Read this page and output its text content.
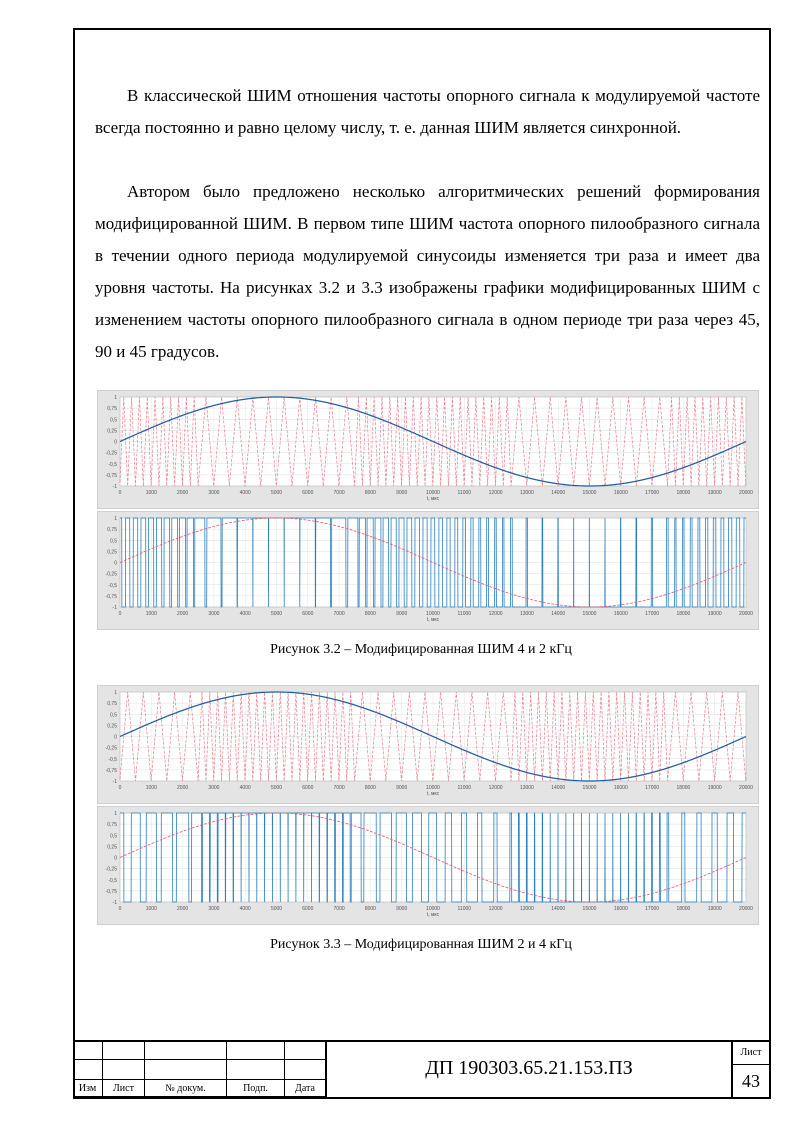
В классической ШИМ отношения частоты опорного сигнала к модулируемой частоте всегда постоянно и равно целому числу, т. е. данная ШИМ является синхронной.
Автором было предложено несколько алгоритмических решений формирования модифицированной ШИМ. В первом типе ШИМ частота опорного пилообразного сигнала в течении одного периода модулируемой синусоиды изменяется три раза и имеет два уровня частоты. На рисунках 3.2 и 3.3 изображены графики модифицированных ШИМ с изменением частоты опорного пилообразного сигнала в одном периоде три раза через 45, 90 и 45 градусов.
1
0,75
0,5
0,25
0
-0,25
-0,5
-0,75
-1
0	1000	2000	3000	4000	5000	6000	7000	8000	9000	10000	11000	12000	13000	14000	15000	16000	17000	18000	19000	20000
t, мкс
1
0,75
0,5
0,25
0
-0,25
-0,5
-0,75
-1
0	1000	2000	3000	4000	5000	6000	7000	8000	9000	10000	11000	12000	13000	14000	15000	16000	17000	18000	19000	20000
t, мкс
Рисунок 3.2 – Модифицированная ШИМ 4 и 2 кГц
1
0,75
0,5
0,25
0
-0,25
-0,5
-0,75
-1
0	1000	2000	3000	4000	5000	6000	7000	8000	9000	10000	11000	12000	13000	14000	15000	16000	17000	18000	19000	20000
t, мкс
1
0,75
0,5
0,25
0
-0,25
-0,5
-0,75
-1
0	1000	2000	3000	4000	5000	6000	7000	8000	9000	10000	11000	12000	13000	14000	15000	16000	17000	18000	19000	20000
t, мкс
Рисунок 3.3 – Модифицированная ШИМ 2 и 4 кГц
Изм	Лист	№ докум.	Подп.	Дата
ДП 190303.65.21.153.ПЗ
Лист
43
